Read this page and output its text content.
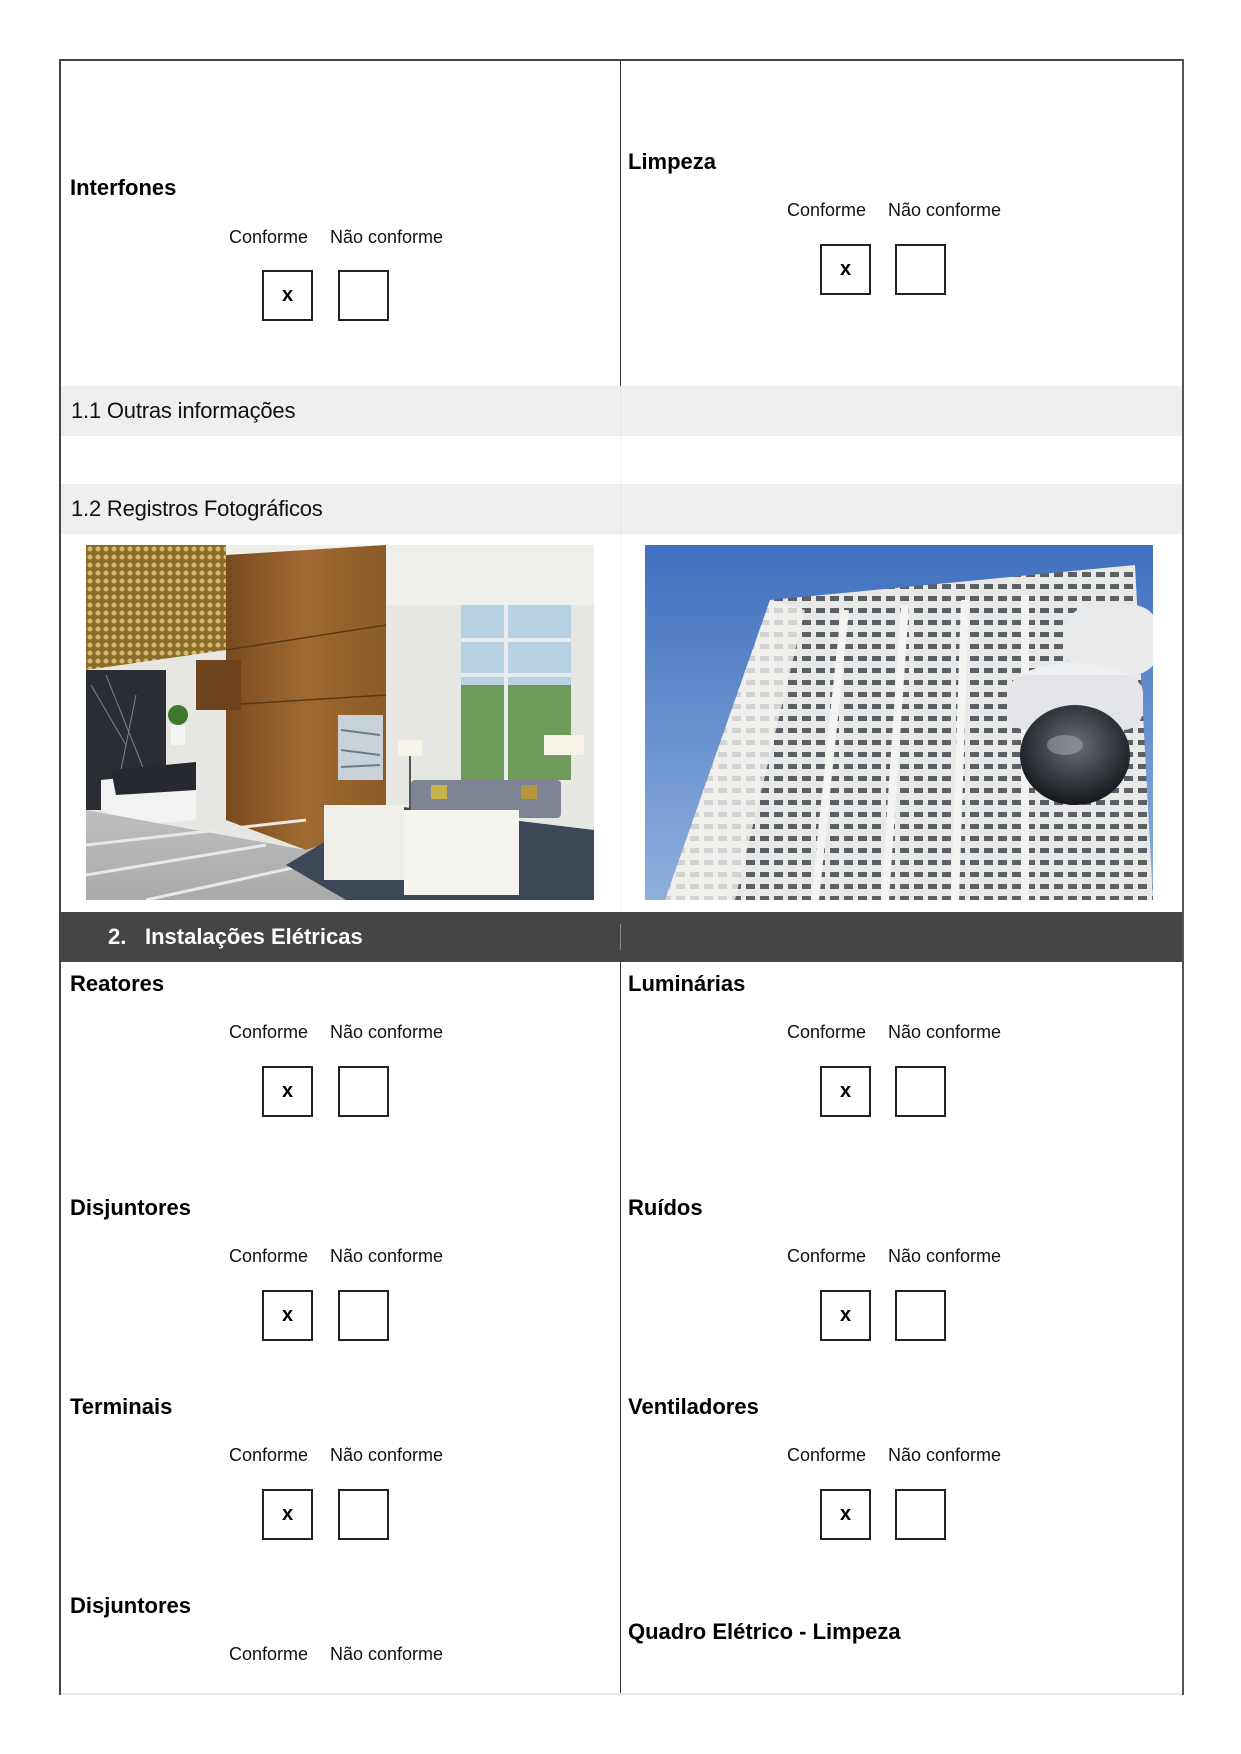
Interfones
Conforme Não conforme
x
Limpeza
Conforme Não conforme
x
1.1 Outras informações
1.2 Registros Fotográficos
2. Instalações Elétricas
Reatores
Conforme Não conforme
x
Luminárias
Conforme Não conforme
x
Disjuntores
Conforme Não conforme
x
Ruídos
Conforme Não conforme
x
Terminais
Conforme Não conforme
x
Ventiladores
Conforme Não conforme
x
Disjuntores
Conforme Não conforme
Quadro Elétrico - Limpeza
